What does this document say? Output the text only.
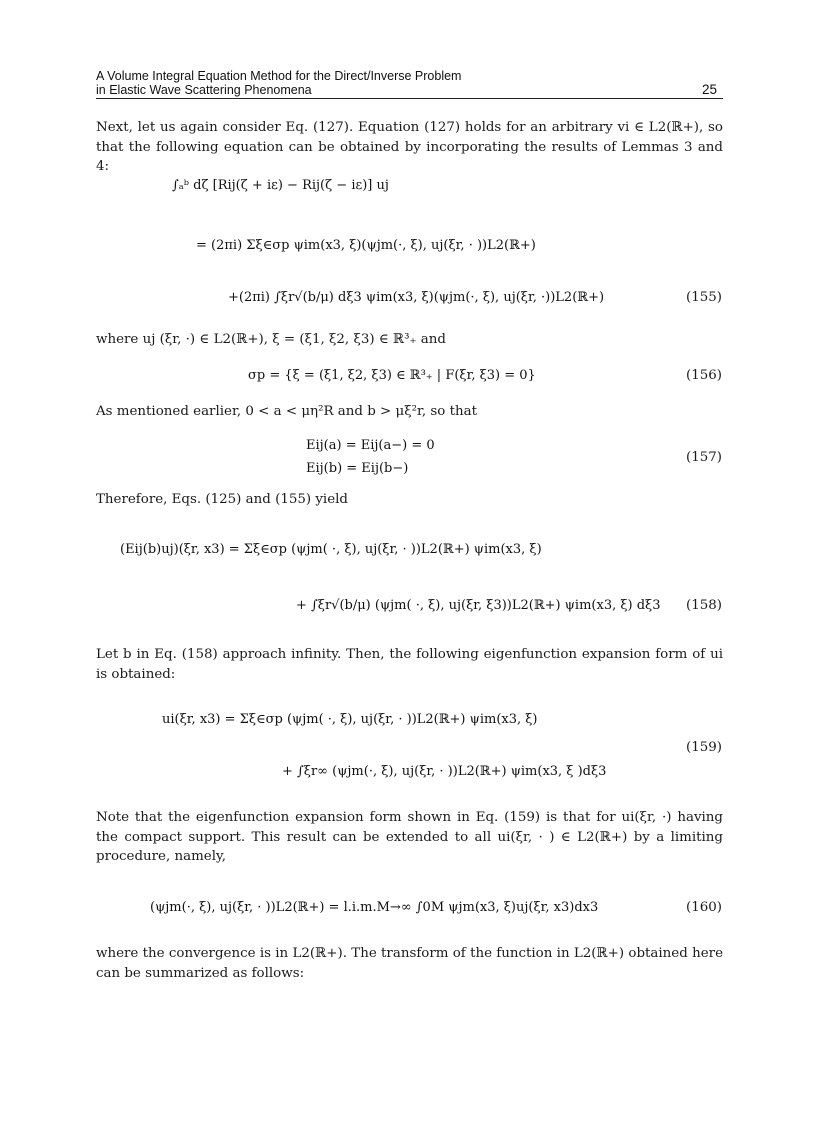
A Volume Integral Equation Method for the Direct/Inverse Problem
in Elastic Wave Scattering Phenomena	25
Next, let us again consider Eq. (127). Equation (127) holds for an arbitrary vi ∈ L2(ℝ+), so that the following equation can be obtained by incorporating the results of Lemmas 3 and 4:
∫ₐᵇ dζ [Rij(ζ + iε) − Rij(ζ − iε)] uj
= (2πi) Σξ∈σp ψim(x3, ξ)(ψjm(·, ξ), uj(ξr, · ))L2(ℝ+)
+(2πi) ∫ξr√(b/μ) dξ3 ψim(x3, ξ)(ψjm(·, ξ), uj(ξr, ·))L2(ℝ+)	(155)
where uj (ξr, ·) ∈ L2(ℝ+), ξ = (ξ1, ξ2, ξ3) ∈ ℝ³₊ and
σp = {ξ = (ξ1, ξ2, ξ3) ∈ ℝ³₊ | F(ξr, ξ3) = 0}	(156)
As mentioned earlier, 0 < a < μη²R and b > μξ²r, so that
Eij(a) = Eij(a−) = 0
Eij(b) = Eij(b−)
(157)
Therefore, Eqs. (125) and (155) yield
(Eij(b)uj)(ξr, x3) = Σξ∈σp (ψjm( ·, ξ), uj(ξr, · ))L2(ℝ+) ψim(x3, ξ)
+ ∫ξr√(b/μ) (ψjm( ·, ξ), uj(ξr, ξ3))L2(ℝ+) ψim(x3, ξ) dξ3 (158)
Let b in Eq. (158) approach infinity. Then, the following eigenfunction expansion form of ui is obtained:
ui(ξr, x3) = Σξ∈σp (ψjm( ·, ξ), uj(ξr, · ))L2(ℝ+) ψim(x3, ξ)
+ ∫ξr∞ (ψjm(·, ξ), uj(ξr, · ))L2(ℝ+) ψim(x3, ξ )dξ3
(159)
Note that the eigenfunction expansion form shown in Eq. (159) is that for ui(ξr, ·) having the compact support. This result can be extended to all ui(ξr, · ) ∈ L2(ℝ+) by a limiting procedure, namely,
(ψjm(·, ξ), uj(ξr, · ))L2(ℝ+) = l.i.m.M→∞ ∫0M ψjm(x3, ξ)uj(ξr, x3)dx3	(160)
where the convergence is in L2(ℝ+). The transform of the function in L2(ℝ+) obtained here can be summarized as follows:
